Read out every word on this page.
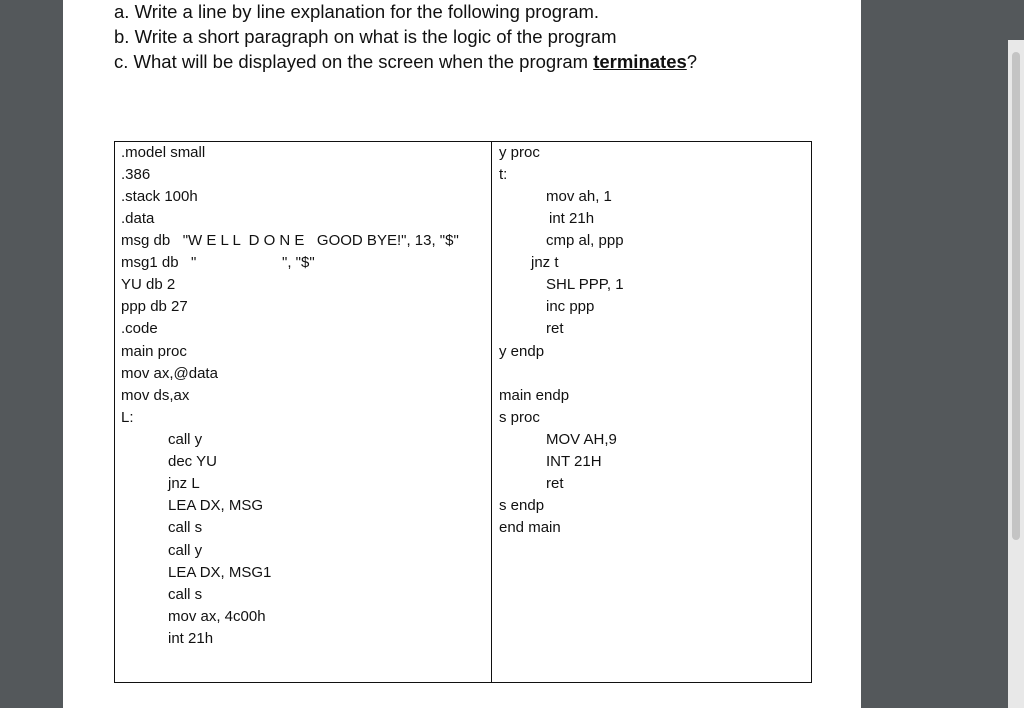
a. Write a line by line explanation for the following program.
b. Write a short paragraph on what is the logic of the program
c. What will be displayed on the screen when the program terminates?
.model small
.386
.stack 100h
.data
msg db   "W E L L  D O N E   GOOD BYE!", 13, "$"
msg1 db   "	", "$"
YU db 2
ppp db 27
.code
main proc
mov ax,@data
mov ds,ax
L:
call y
dec YU
jnz L
LEA DX, MSG
call s
call y
LEA DX, MSG1
call s
mov ax, 4c00h
int 21h
y proc
t:
mov ah, 1
int 21h
cmp al, ppp
jnz t
SHL PPP, 1
inc ppp
ret
y endp
main endp
s proc
MOV AH,9
INT 21H
ret
s endp
end main
